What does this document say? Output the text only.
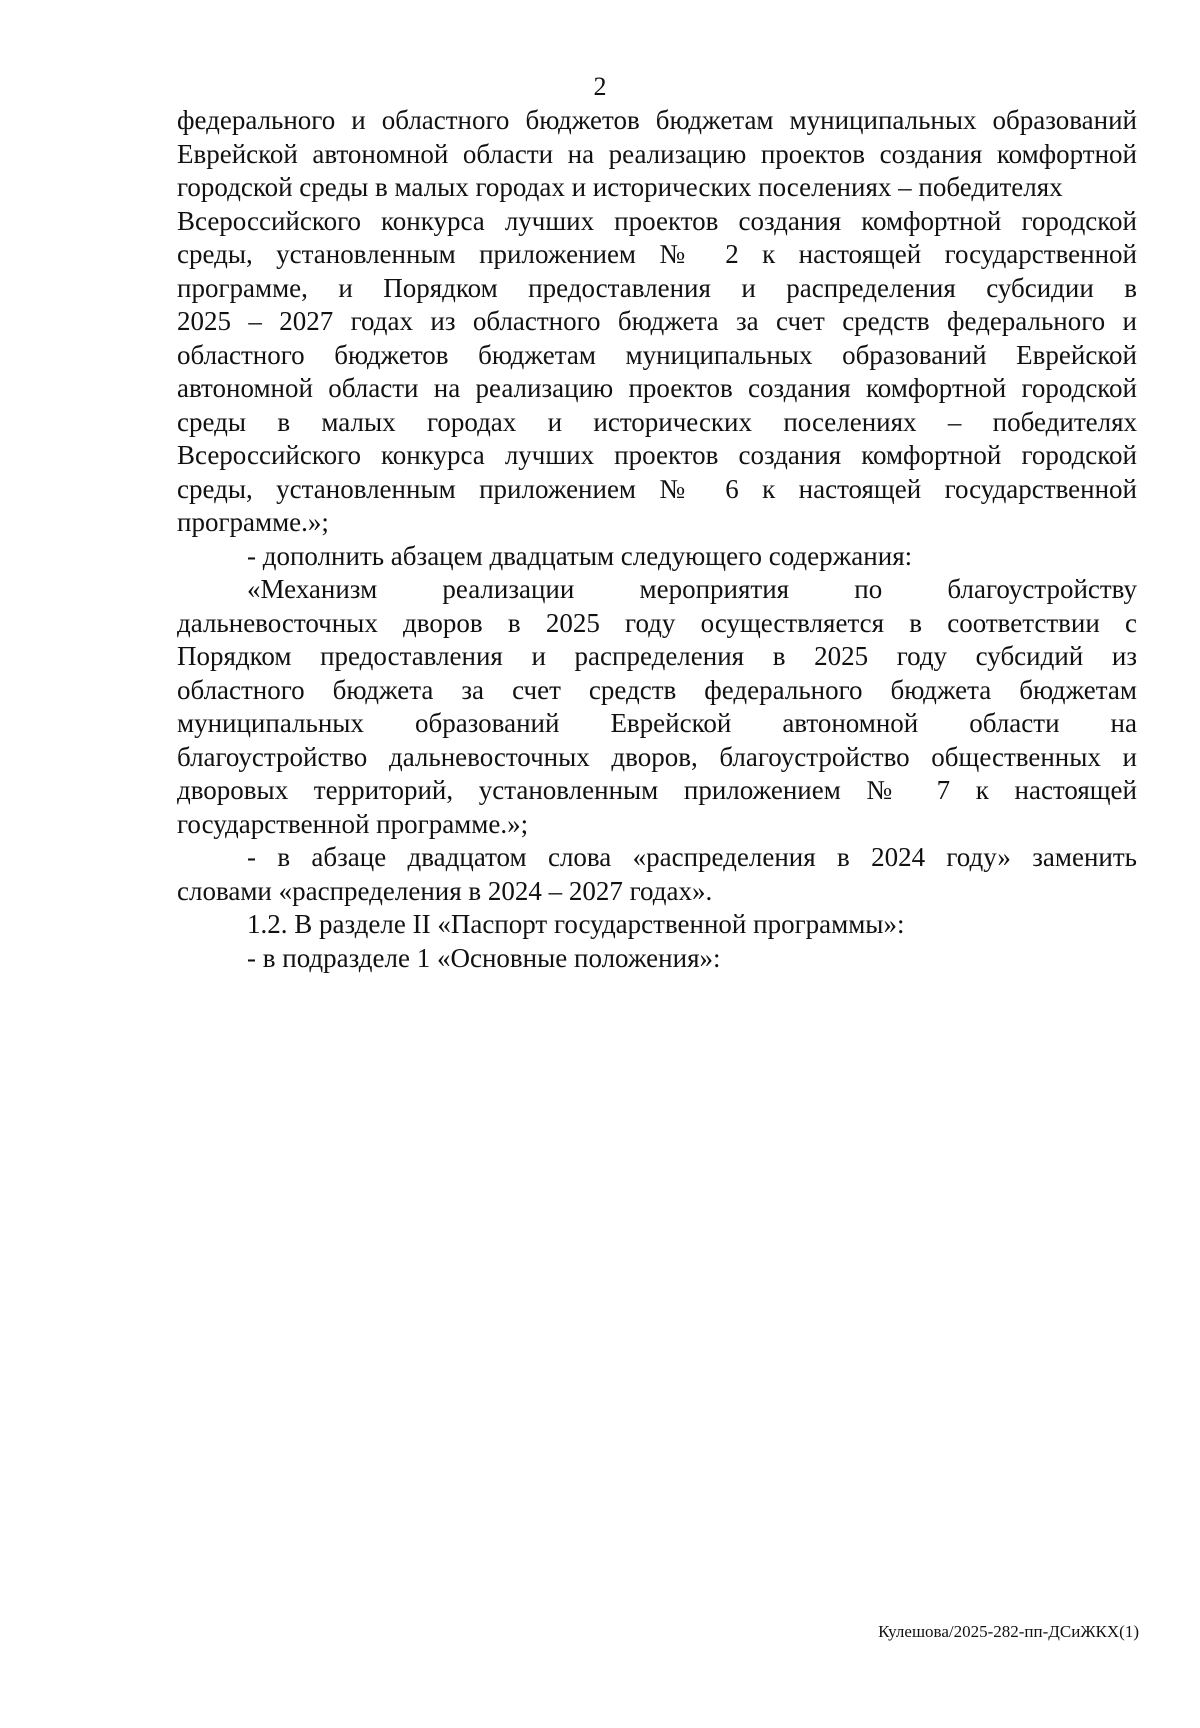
2

федерального и областного бюджетов бюджетам муниципальных образований
Еврейской автономной области на реализацию проектов создания комфортной
городской среды в малых городах и исторических поселениях – победителях
Всероссийского конкурса лучших проектов создания комфортной городской
среды, установленным приложением № 2 к настоящей государственной
программе, и Порядком предоставления и распределения субсидии в
2025 – 2027 годах из областного бюджета за счет средств федерального и
областного бюджетов бюджетам муниципальных образований Еврейской
автономной области на реализацию проектов создания комфортной городской
среды в малых городах и исторических поселениях – победителях
Всероссийского конкурса лучших проектов создания комфортной городской
среды, установленным приложением № 6 к настоящей государственной
программе.»;

- дополнить абзацем двадцатым следующего содержания:

«Механизм реализации мероприятия по благоустройству
дальневосточных дворов в 2025 году осуществляется в соответствии с
Порядком предоставления и распределения в 2025 году субсидий из
областного бюджета за счет средств федерального бюджета бюджетам
муниципальных образований Еврейской автономной области на
благоустройство дальневосточных дворов, благоустройство общественных и
дворовых территорий, установленным приложением № 7 к настоящей
государственной программе.»;

- в абзаце двадцатом слова «распределения в 2024 году» заменить
словами «распределения в 2024 – 2027 годах».

1.2. В разделе II «Паспорт государственной программы»:

- в подразделе 1 «Основные положения»:

Кулешова/2025-282-пп-ДСиЖКХ(1)
